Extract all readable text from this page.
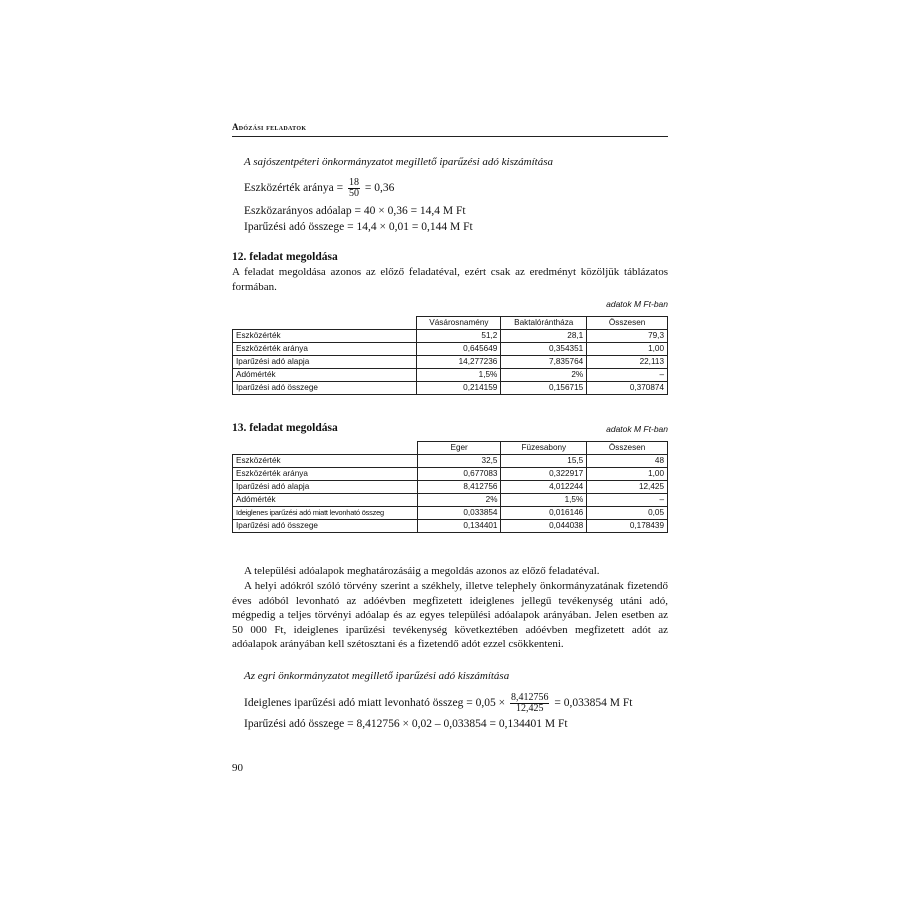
Adózási feladatok
A sajószentpéteri önkormányzatot megillető iparűzési adó kiszámítása
Eszközérték aránya = $\frac{18}{50} = 0,36$
Eszközarányos adóalap = 40 × 0,36 = 14,4 M Ft
Iparűzési adó összege = 14,4 × 0,01 = 0,144 M Ft
12. feladat megoldása
A feladat megoldása azonos az előző feladatéval, ezért csak az eredményt közöljük táblázatos formában.
adatok M Ft-ban
	Vásárosnamény	Baktalórántháza	Összesen
Eszközérték	51,2	28,1	79,3
Eszközérték aránya	0,645649	0,354351	1,00
Iparűzési adó alapja	14,277236	7,835764	22,113
Adómérték	1,5%	2%	–
Iparűzési adó összege	0,214159	0,156715	0,370874
13. feladat megoldása	adatok M Ft-ban
	Eger	Füzesabony	Összesen
Eszközérték	32,5	15,5	48
Eszközérték aránya	0,677083	0,322917	1,00
Iparűzési adó alapja	8,412756	4,012244	12,425
Adómérték	2%	1,5%	–
Ideiglenes iparűzési adó miatt levonható összeg	0,033854	0,016146	0,05
Iparűzési adó összege	0,134401	0,044038	0,178439
A települési adóalapok meghatározásáig a megoldás azonos az előző feladatéval.
A helyi adókról szóló törvény szerint a székhely, illetve telephely önkormányzatának fizetendő éves adóból levonható az adóévben megfizetett ideiglenes jellegű tevékenység utáni adó, mégpedig a teljes törvényi adóalap és az egyes települési adóalapok arányában. Jelen esetben az 50 000 Ft, ideiglenes iparűzési tevékenység következtében adóévben megfizetett adót az adóalapok arányában kell szétosztani és a fizetendő adót ezzel csökkenteni.
Az egri önkormányzatot megillető iparűzési adó kiszámítása
Ideiglenes iparűzési adó miatt levonható összeg = $0,05 \times \frac{8,412756}{12,425} = 0,033854$ M Ft
Iparűzési adó összege = 8,412756 × 0,02 – 0,033854 = 0,134401 M Ft
90
